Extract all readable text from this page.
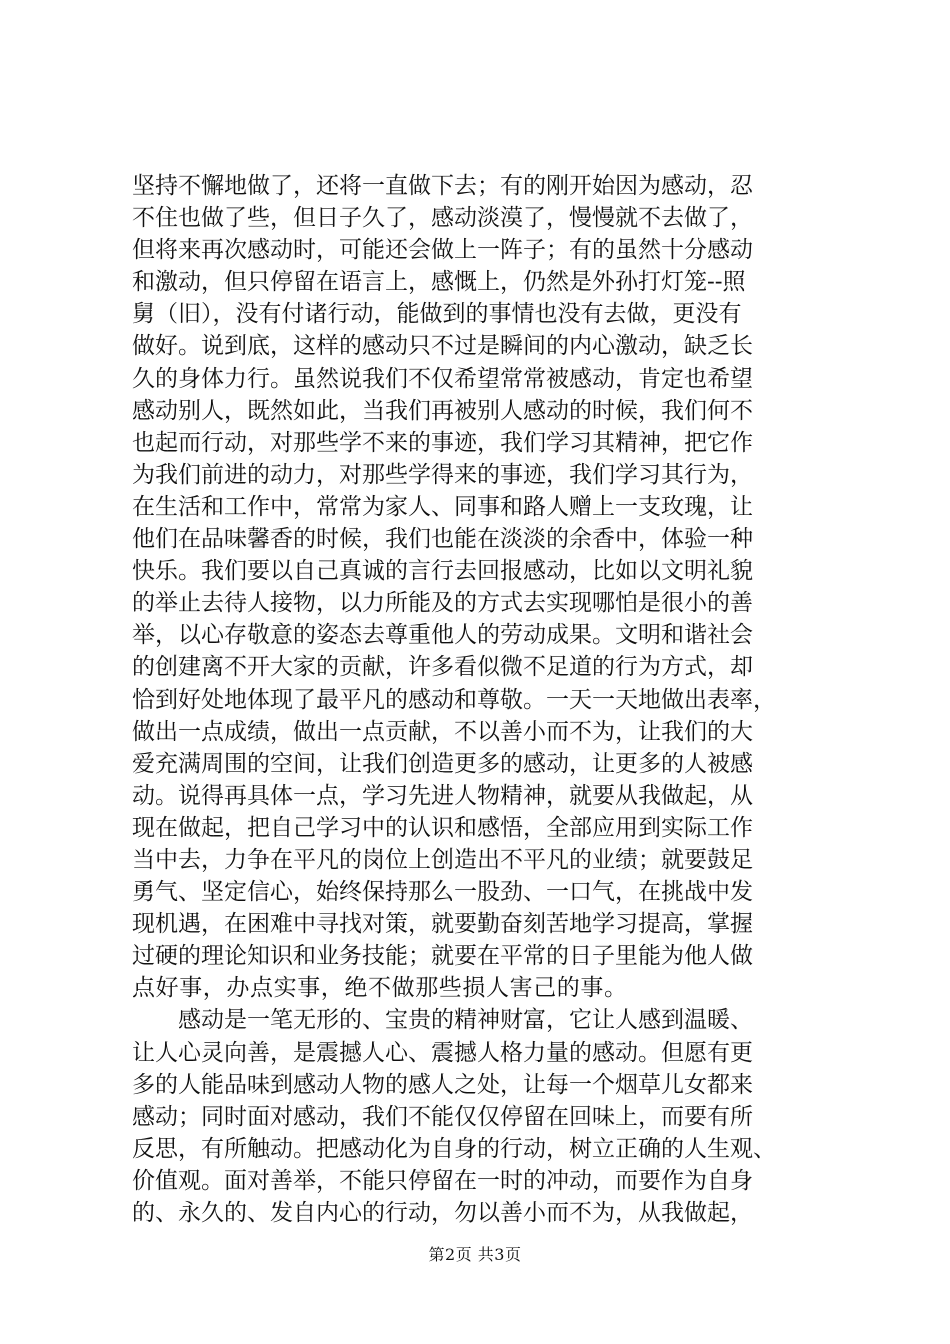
坚持不懈地做了，还将一直做下去；有的刚开始因为感动，忍
不住也做了些，但日子久了，感动淡漠了，慢慢就不去做了，
但将来再次感动时，可能还会做上一阵子；有的虽然十分感动
和激动，但只停留在语言上，感慨上，仍然是外孙打灯笼--照
舅（旧），没有付诸行动，能做到的事情也没有去做，更没有
做好。说到底，这样的感动只不过是瞬间的内心激动，缺乏长
久的身体力行。虽然说我们不仅希望常常被感动，肯定也希望
感动别人，既然如此，当我们再被别人感动的时候，我们何不
也起而行动，对那些学不来的事迹，我们学习其精神，把它作
为我们前进的动力，对那些学得来的事迹，我们学习其行为，
在生活和工作中，常常为家人、同事和路人赠上一支玫瑰，让
他们在品味馨香的时候，我们也能在淡淡的余香中，体验一种
快乐。我们要以自己真诚的言行去回报感动，比如以文明礼貌
的举止去待人接物，以力所能及的方式去实现哪怕是很小的善
举，以心存敬意的姿态去尊重他人的劳动成果。文明和谐社会
的创建离不开大家的贡献，许多看似微不足道的行为方式，却
恰到好处地体现了最平凡的感动和尊敬。一天一天地做出表率，
做出一点成绩，做出一点贡献，不以善小而不为，让我们的大
爱充满周围的空间，让我们创造更多的感动，让更多的人被感
动。说得再具体一点，学习先进人物精神，就要从我做起，从
现在做起，把自己学习中的认识和感悟，全部应用到实际工作
当中去，力争在平凡的岗位上创造出不平凡的业绩；就要鼓足
勇气、坚定信心，始终保持那么一股劲、一口气，在挑战中发
现机遇，在困难中寻找对策，就要勤奋刻苦地学习提高，掌握
过硬的理论知识和业务技能；就要在平常的日子里能为他人做
点好事，办点实事，绝不做那些损人害己的事。
感动是一笔无形的、宝贵的精神财富，它让人感到温暖、
让人心灵向善，是震撼人心、震撼人格力量的感动。但愿有更
多的人能品味到感动人物的感人之处，让每一个烟草儿女都来
感动；同时面对感动，我们不能仅仅停留在回味上，而要有所
反思，有所触动。把感动化为自身的行动，树立正确的人生观、
价值观。面对善举，不能只停留在一时的冲动，而要作为自身
的、永久的、发自内心的行动，勿以善小而不为，从我做起，
第2页 共3页
